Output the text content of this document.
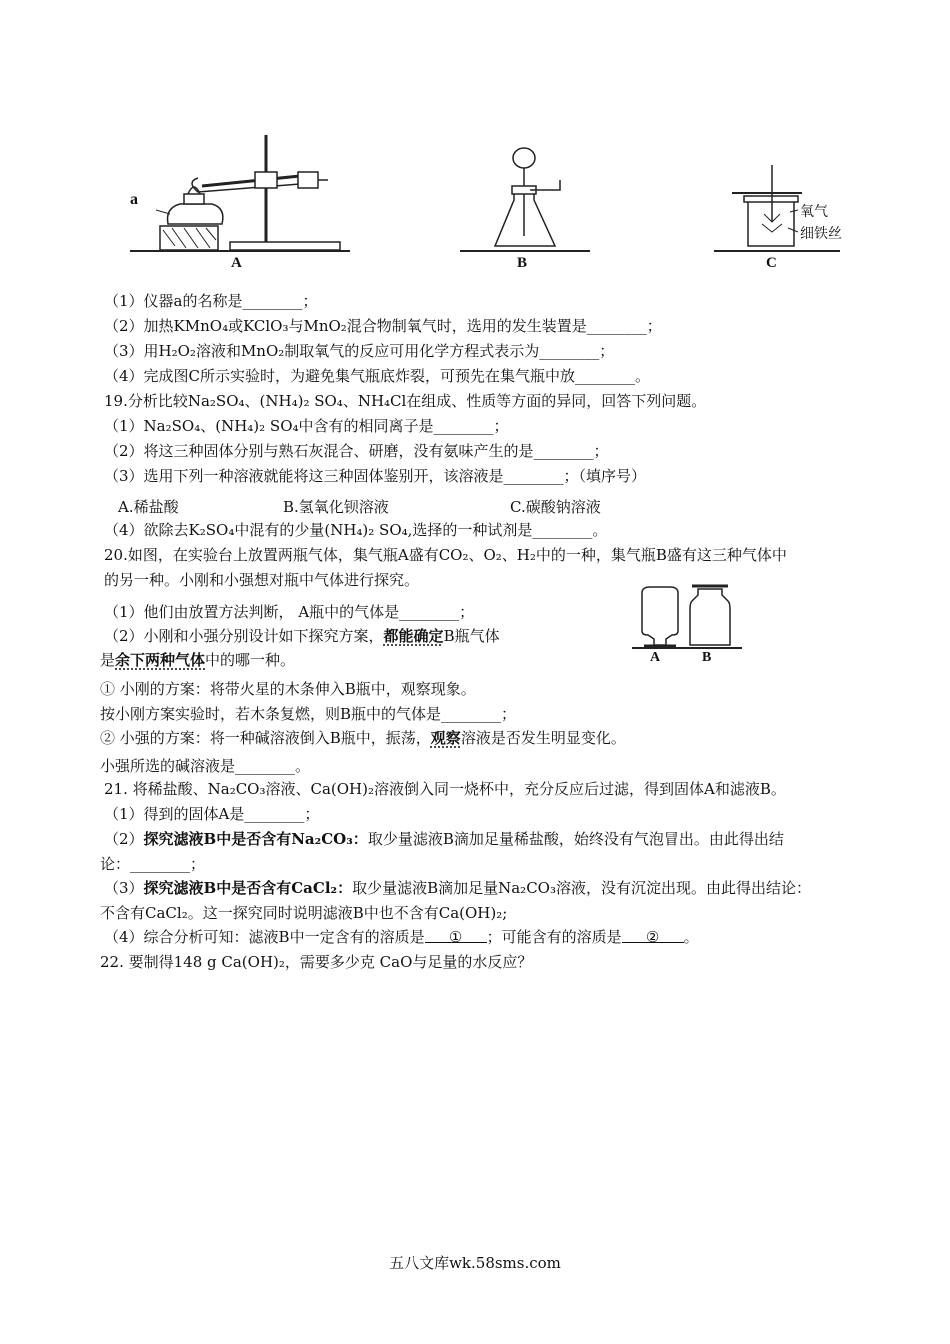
a
A	B	C
氧气
细铁丝
（1）仪器a的名称是________；
（2）加热KMnO₄或KClO₃与MnO₂混合物制氧气时，选用的发生装置是________；
（3）用H₂O₂溶液和MnO₂制取氧气的反应可用化学方程式表示为________；
（4）完成图C所示实验时，为避免集气瓶底炸裂，可预先在集气瓶中放________。
19.分析比较Na₂SO₄、(NH₄)₂ SO₄、NH₄Cl在组成、性质等方面的异同，回答下列问题。
（1）Na₂SO₄、(NH₄)₂ SO₄中含有的相同离子是________；
（2）将这三种固体分别与熟石灰混合、研磨，没有氨味产生的是________；
（3）选用下列一种溶液就能将这三种固体鉴别开，该溶液是________；（填序号）
A.稀盐酸	B.氢氧化钡溶液	C.碳酸钠溶液
（4）欲除去K₂SO₄中混有的少量(NH₄)₂ SO₄,选择的一种试剂是________。
20.如图，在实验台上放置两瓶气体，集气瓶A盛有CO₂、O₂、H₂中的一种，集气瓶B盛有这三种气体中
的另一种。小刚和小强想对瓶中气体进行探究。
（1）他们由放置方法判断， A瓶中的气体是________；
（2）小刚和小强分别设计如下探究方案，都能确定B瓶气体
是余下两种气体中的哪一种。	A	B
① 小刚的方案：将带火星的木条伸入B瓶中，观察现象。
按小刚方案实验时，若木条复燃，则B瓶中的气体是________；
② 小强的方案：将一种碱溶液倒入B瓶中，振荡，观察溶液是否发生明显变化。
小强所选的碱溶液是________。
21. 将稀盐酸、Na₂CO₃溶液、Ca(OH)₂溶液倒入同一烧杯中，充分反应后过滤，得到固体A和滤液B。
（1）得到的固体A是________；
（2）探究滤液B中是否含有Na₂CO₃：取少量滤液B滴加足量稀盐酸，始终没有气泡冒出。由此得出结
论：________；
（3）探究滤液B中是否含有CaCl₂：取少量滤液B滴加足量Na₂CO₃溶液，没有沉淀出现。由此得出结论：
不含有CaCl₂。这一探究同时说明滤液B中也不含有Ca(OH)₂;
（4）综合分析可知：滤液B中一定含有的溶质是 ① ；可能含有的溶质是 ② 。
22. 要制得148 g Ca(OH)₂，需要多少克 CaO与足量的水反应？
五八文库wk.58sms.com
